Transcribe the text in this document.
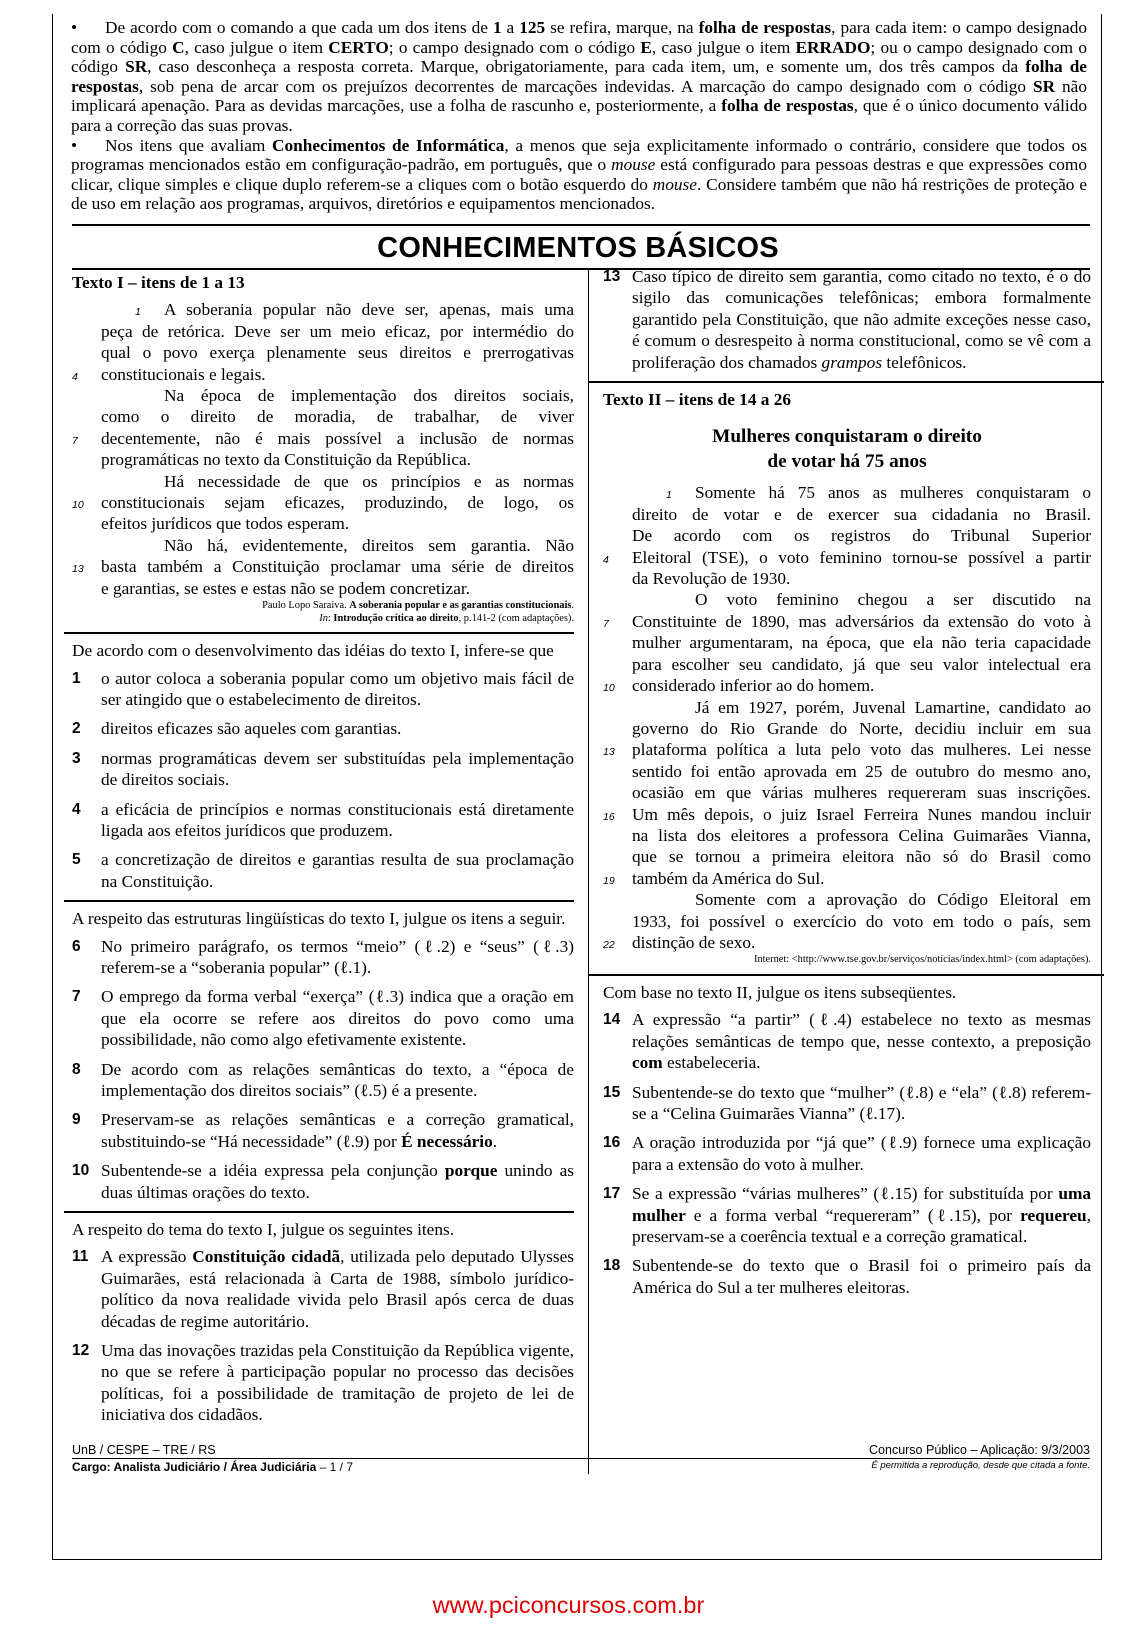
• De acordo com o comando a que cada um dos itens de 1 a 125 se refira, marque, na folha de respostas, para cada item: o campo designado com o código C, caso julgue o item CERTO; o campo designado com o código E, caso julgue o item ERRADO; ou o campo designado com o código SR, caso desconheça a resposta correta. Marque, obrigatoriamente, para cada item, um, e somente um, dos três campos da folha de respostas, sob pena de arcar com os prejuízos decorrentes de marcações indevidas. A marcação do campo designado com o código SR não implicará apenação. Para as devidas marcações, use a folha de rascunho e, posteriormente, a folha de respostas, que é o único documento válido para a correção das suas provas.

• Nos itens que avaliam Conhecimentos de Informática, a menos que seja explicitamente informado o contrário, considere que todos os programas mencionados estão em configuração-padrão, em português, que o mouse está configurado para pessoas destras e que expressões como clicar, clique simples e clique duplo referem-se a cliques com o botão esquerdo do mouse. Considere também que não há restrições de proteção e de uso em relação aos programas, arquivos, diretórios e equipamentos mencionados.

CONHECIMENTOS BÁSICOS
Texto I – itens de 1 a 13
1 A soberania popular não deve ser, apenas, mais uma
peça de retórica. Deve ser um meio eficaz, por intermédio do
qual o povo exerça plenamente seus direitos e prerrogativas
4	constitucionais e legais.
Na época de implementação dos direitos sociais,
como o direito de moradia, de trabalhar, de viver
7	decentemente, não é mais possível a inclusão de normas
programáticas no texto da Constituição da República.
Há necessidade de que os princípios e as normas
10	constitucionais sejam eficazes, produzindo, de logo, os
efeitos jurídicos que todos esperam.
Não há, evidentemente, direitos sem garantia. Não
13	basta também a Constituição proclamar uma série de direitos
e garantias, se estes e estas não se podem concretizar.
Paulo Lopo Saraiva. A soberania popular e as garantias constitucionais.
In: Introdução crítica ao direito, p.141-2 (com adaptações).
De acordo com o desenvolvimento das idéias do texto I, infere-se que
1 o autor coloca a soberania popular como um objetivo mais fácil de ser atingido que o estabelecimento de direitos.
2 direitos eficazes são aqueles com garantias.
3 normas programáticas devem ser substituídas pela implementação de direitos sociais.
4 a eficácia de princípios e normas constitucionais está diretamente ligada aos efeitos jurídicos que produzem.
5 a concretização de direitos e garantias resulta de sua proclamação na Constituição.
A respeito das estruturas lingüísticas do texto I, julgue os itens a seguir.
6 No primeiro parágrafo, os termos “meio” (ℓ.2) e “seus” (ℓ.3) referem-se a “soberania popular” (ℓ.1).
7 O emprego da forma verbal “exerça” (ℓ.3) indica que a oração em que ela ocorre se refere aos direitos do povo como uma possibilidade, não como algo efetivamente existente.
8 De acordo com as relações semânticas do texto, a “época de implementação dos direitos sociais” (ℓ.5) é a presente.
9 Preservam-se as relações semânticas e a correção gramatical, substituindo-se “Há necessidade” (ℓ.9) por É necessário.
10 Subentende-se a idéia expressa pela conjunção porque unindo as duas últimas orações do texto.
A respeito do tema do texto I, julgue os seguintes itens.
11 A expressão Constituição cidadã, utilizada pelo deputado Ulysses Guimarães, está relacionada à Carta de 1988, símbolo jurídico-político da nova realidade vivida pelo Brasil após cerca de duas décadas de regime autoritário.
12 Uma das inovações trazidas pela Constituição da República vigente, no que se refere à participação popular no processo das decisões políticas, foi a possibilidade de tramitação de projeto de lei de iniciativa dos cidadãos.
13 Caso típico de direito sem garantia, como citado no texto, é o do sigilo das comunicações telefônicas; embora formalmente garantido pela Constituição, que não admite exceções nesse caso, é comum o desrespeito à norma constitucional, como se vê com a proliferação dos chamados grampos telefônicos.
Texto II – itens de 14 a 26
Mulheres conquistaram o direito
de votar há 75 anos
1 Somente há 75 anos as mulheres conquistaram o
direito de votar e de exercer sua cidadania no Brasil.
De acordo com os registros do Tribunal Superior
4	Eleitoral (TSE), o voto feminino tornou-se possível a partir
da Revolução de 1930.
O voto feminino chegou a ser discutido na
7	Constituinte de 1890, mas adversários da extensão do voto à
mulher argumentaram, na época, que ela não teria capacidade
para escolher seu candidato, já que seu valor intelectual era
10	considerado inferior ao do homem.
Já em 1927, porém, Juvenal Lamartine, candidato ao
governo do Rio Grande do Norte, decidiu incluir em sua
13	plataforma política a luta pelo voto das mulheres. Lei nesse
sentido foi então aprovada em 25 de outubro do mesmo ano,
ocasião em que várias mulheres requereram suas inscrições.
16	Um mês depois, o juiz Israel Ferreira Nunes mandou incluir
na lista dos eleitores a professora Celina Guimarães Vianna,
que se tornou a primeira eleitora não só do Brasil como
19	também da América do Sul.
Somente com a aprovação do Código Eleitoral em
1933, foi possível o exercício do voto em todo o país, sem
22	distinção de sexo.
Internet: <http://www.tse.gov.br/serviços/notícias/index.html> (com adaptações).
Com base no texto II, julgue os itens subseqüentes.
14 A expressão “a partir” (ℓ.4) estabelece no texto as mesmas relações semânticas de tempo que, nesse contexto, a preposição com estabeleceria.
15 Subentende-se do texto que “mulher” (ℓ.8) e “ela” (ℓ.8) referem-se a “Celina Guimarães Vianna” (ℓ.17).
16 A oração introduzida por “já que” (ℓ.9) fornece uma explicação para a extensão do voto à mulher.
17 Se a expressão “várias mulheres” (ℓ.15) for substituída por uma mulher e a forma verbal “requereram” (ℓ.15), por requereu, preservam-se a coerência textual e a correção gramatical.
18 Subentende-se do texto que o Brasil foi o primeiro país da América do Sul a ter mulheres eleitoras.
UnB / CESPE – TRE / RS	Concurso Público – Aplicação: 9/3/2003
Cargo: Analista Judiciário / Área Judiciária – 1 / 7	É permitida a reprodução, desde que citada a fonte.
www.pciconcursos.com.br
